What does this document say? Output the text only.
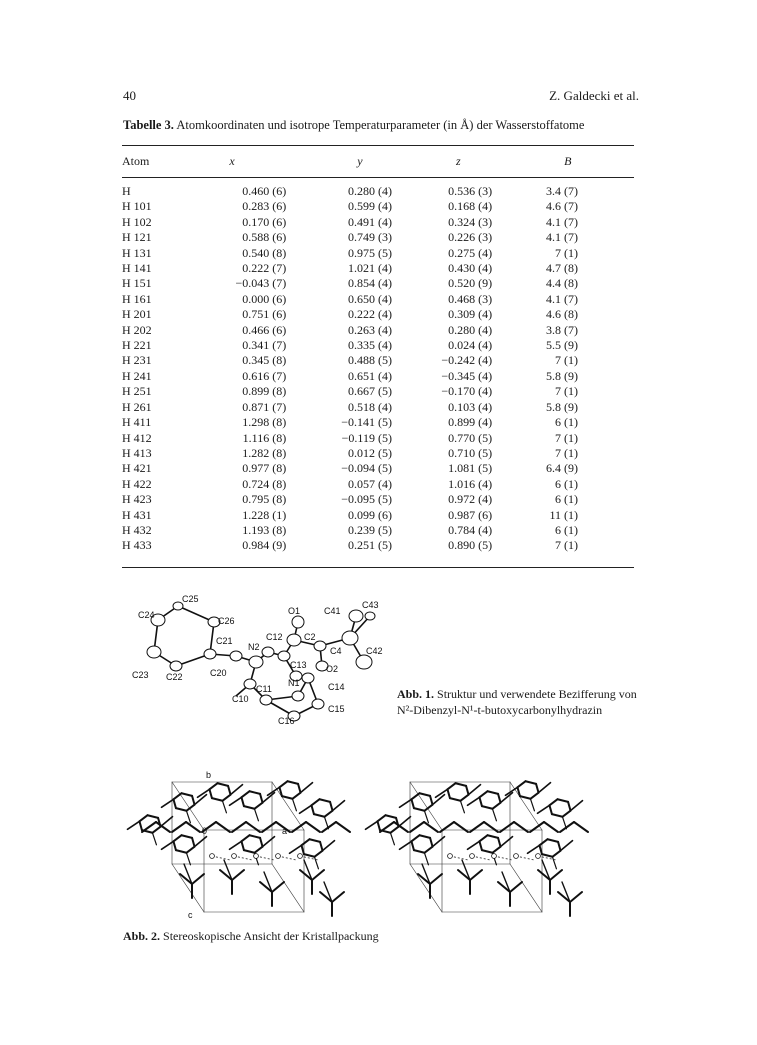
40	Z. Galdecki et al.
Tabelle 3. Atomkoordinaten und isotrope Temperaturparameter (in Å) der Wasserstoffatome
Atom	x	y	z	B
H	0.460 (6)	0.280 (4)	0.536 (3)	3.4 (7)
H 101	0.283 (6)	0.599 (4)	0.168 (4)	4.6 (7)
H 102	0.170 (6)	0.491 (4)	0.324 (3)	4.1 (7)
H 121	0.588 (6)	0.749 (3)	0.226 (3)	4.1 (7)
H 131	0.540 (8)	0.975 (5)	0.275 (4)	7 (1)
H 141	0.222 (7)	1.021 (4)	0.430 (4)	4.7 (8)
H 151	−0.043 (7)	0.854 (4)	0.520 (9)	4.4 (8)
H 161	0.000 (6)	0.650 (4)	0.468 (3)	4.1 (7)
H 201	0.751 (6)	0.222 (4)	0.309 (4)	4.6 (8)
H 202	0.466 (6)	0.263 (4)	0.280 (4)	3.8 (7)
H 221	0.341 (7)	0.335 (4)	0.024 (4)	5.5 (9)
H 231	0.345 (8)	0.488 (5)	−0.242 (4)	7 (1)
H 241	0.616 (7)	0.651 (4)	−0.345 (4)	5.8 (9)
H 251	0.899 (8)	0.667 (5)	−0.170 (4)	7 (1)
H 261	0.871 (7)	0.518 (4)	0.103 (4)	5.8 (9)
H 411	1.298 (8)	−0.141 (5)	0.899 (4)	6 (1)
H 412	1.116 (8)	−0.119 (5)	0.770 (5)	7 (1)
H 413	1.282 (8)	0.012 (5)	0.710 (5)	7 (1)
H 421	0.977 (8)	−0.094 (5)	1.081 (5)	6.4 (9)
H 422	0.724 (8)	0.057 (4)	1.016 (4)	6 (1)
H 423	0.795 (8)	−0.095 (5)	0.972 (4)	6 (1)
H 431	1.228 (1)	0.099 (6)	0.987 (6)	11 (1)
H 432	1.193 (8)	0.239 (5)	0.784 (4)	6 (1)
H 433	0.984 (9)	0.251 (5)	0.890 (5)	7 (1)
C25
C26
C24
C21
C23 C22	C20
N2
C12 C2
O1	C41
C43
C4	C42
O2
C13
N1	C14
C10
C11
C15
C16
Abb. 1. Struktur und verwendete Bezifferung von N²-Dibenzyl-N¹-t-butoxycarbonylhydrazin
b
0	a
c
Abb. 2. Stereoskopische Ansicht der Kristallpackung
